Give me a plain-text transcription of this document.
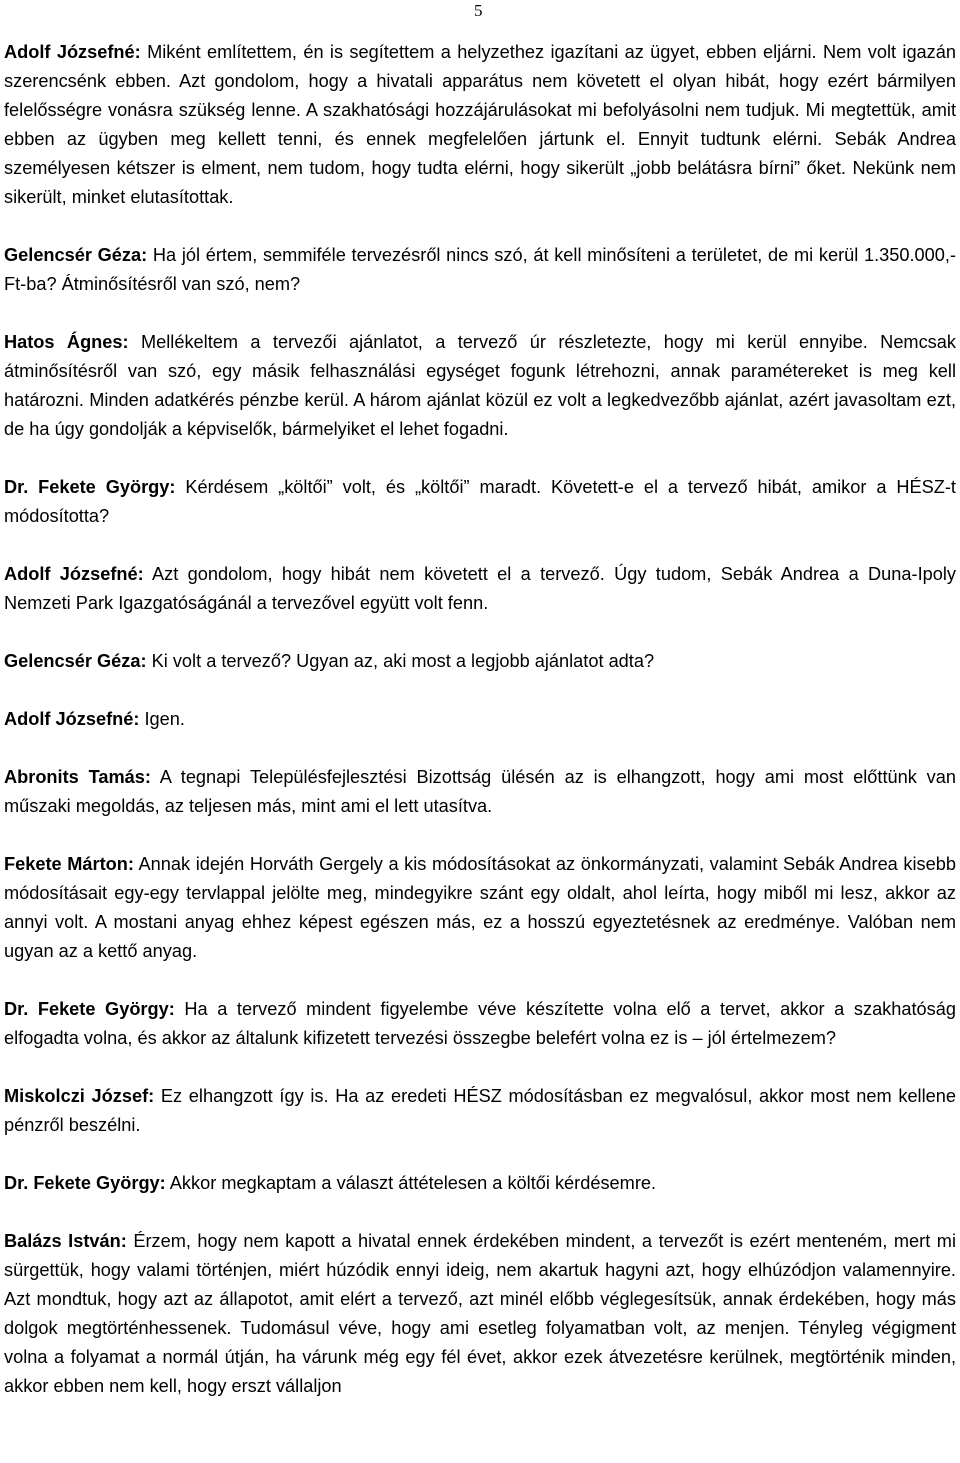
5

Adolf Józsefné: Miként említettem, én is segítettem a helyzethez igazítani az ügyet, ebben eljárni. Nem volt igazán szerencsénk ebben. Azt gondolom, hogy a hivatali apparátus nem követett el olyan hibát, hogy ezért bármilyen felelősségre vonásra szükség lenne. A szakhatósági hozzájárulásokat mi befolyásolni nem tudjuk. Mi megtettük, amit ebben az ügyben meg kellett tenni, és ennek megfelelően jártunk el. Ennyit tudtunk elérni. Sebák Andrea személyesen kétszer is elment, nem tudom, hogy tudta elérni, hogy sikerült „jobb belátásra bírni” őket. Nekünk nem sikerült, minket elutasítottak.

Gelencsér Géza: Ha jól értem, semmiféle tervezésről nincs szó, át kell minősíteni a területet, de mi kerül 1.350.000,- Ft-ba? Átminősítésről van szó, nem?

Hatos Ágnes: Mellékeltem a tervezői ajánlatot, a tervező úr részletezte, hogy mi kerül ennyibe. Nemcsak átminősítésről van szó, egy másik felhasználási egységet fogunk létrehozni, annak paramétereket is meg kell határozni. Minden adatkérés pénzbe kerül. A három ajánlat közül ez volt a legkedvezőbb ajánlat, azért javasoltam ezt, de ha úgy gondolják a képviselők, bármelyiket el lehet fogadni.

Dr. Fekete György: Kérdésem „költői” volt, és „költői” maradt. Követett-e el a tervező hibát, amikor a HÉSZ-t módosította?

Adolf Józsefné: Azt gondolom, hogy hibát nem követett el a tervező. Úgy tudom, Sebák Andrea a Duna-Ipoly Nemzeti Park Igazgatóságánál a tervezővel együtt volt fenn.

Gelencsér Géza: Ki volt a tervező? Ugyan az, aki most a legjobb ajánlatot adta?

Adolf Józsefné: Igen.

Abronits Tamás: A tegnapi Településfejlesztési Bizottság ülésén az is elhangzott, hogy ami most előttünk van műszaki megoldás, az teljesen más, mint ami el lett utasítva.

Fekete Márton: Annak idején Horváth Gergely a kis módosításokat az önkormányzati, valamint Sebák Andrea kisebb módosításait egy-egy tervlappal jelölte meg, mindegyikre szánt egy oldalt, ahol leírta, hogy miből mi lesz, akkor az annyi volt. A mostani anyag ehhez képest egészen más, ez a hosszú egyeztetésnek az eredménye. Valóban nem ugyan az a kettő anyag.

Dr. Fekete György: Ha a tervező mindent figyelembe véve készítette volna elő a tervet, akkor a szakhatóság elfogadta volna, és akkor az általunk kifizetett tervezési összegbe belefért volna ez is – jól értelmezem?

Miskolczi József: Ez elhangzott így is. Ha az eredeti HÉSZ módosításban ez megvalósul, akkor most nem kellene pénzről beszélni.

Dr. Fekete György: Akkor megkaptam a választ áttételesen a költői kérdésemre.

Balázs István: Érzem, hogy nem kapott a hivatal ennek érdekében mindent, a tervezőt is ezért menteném, mert mi sürgettük, hogy valami történjen, miért húzódik ennyi ideig, nem akartuk hagyni azt, hogy elhúzódjon valamennyire. Azt mondtuk, hogy azt az állapotot, amit elért a tervező, azt minél előbb véglegesítsük, annak érdekében, hogy más dolgok megtörténhessenek. Tudomásul véve, hogy ami esetleg folyamatban volt, az menjen. Tényleg végigment volna a folyamat a normál útján, ha várunk még egy fél évet, akkor ezek átvezetésre kerülnek, megtörténik minden, akkor ebben nem kell, hogy erszt vállaljon
